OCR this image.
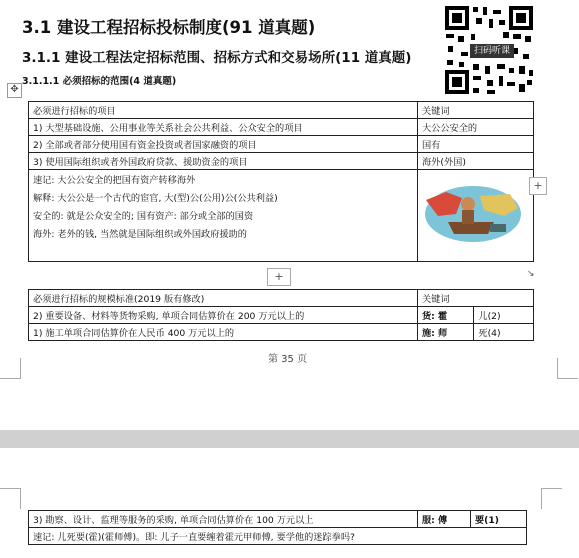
3.1 建设工程招标投标制度(91 道真题)
3.1.1 建设工程法定招标范围、招标方式和交易场所(11 道真题)
3.1.1.1 必须招标的范围(4 道真题)
扫码听课
✥
必须进行招标的项目	关键词
1) 大型基础设施、公用事业等关系社会公共利益、公众安全的项目	大公公安全的
2) 全部或者部分使用国有资金投资或者国家融资的项目	国有
3) 使用国际组织或者外国政府贷款、援助资金的项目	海外(外国)

速记: 大公公安全的把国有资产转移海外
解释: 大公公是一个古代的宦官, 大(型)公(公用)公(公共利益)
安全的: 就是公众安全的; 国有资产: 部分或全部的国资
海外: 老外的钱, 当然就是国际组织或外国政府援助的

+
+	↘
必须进行招标的规模标准(2019 版有修改)	关键词	
2) 重要设备、材料等货物采购, 单项合同估算价在 200 万元以上的	货: 霍	儿(2)
1) 施工单项合同估算价在人民币 400 万元以上的	施: 师	死(4)
第 35 页
3) 勘察、设计、监理等服务的采购, 单项合同估算价在 100 万元以上	服: 傅	要(1)
速记: 儿死要(霍)(霍师傅)。即: 儿子一直要缠着霍元甲师傅, 要学他的迷踪拳吗?
